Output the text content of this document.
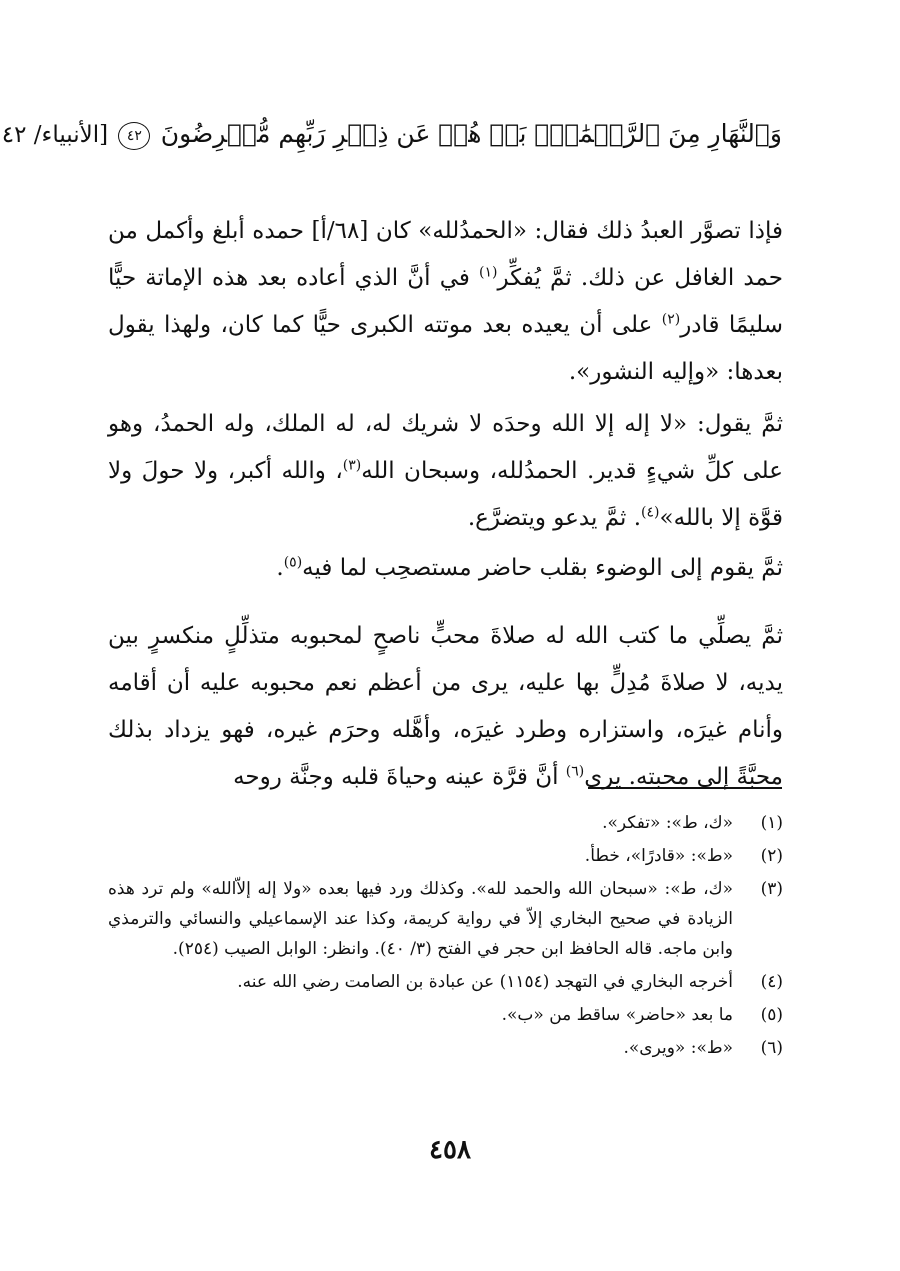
وَٱلنَّهَارِ مِنَ ٱلرَّحۡمَٰنِۗ بَلۡ هُمۡ عَن ذِكۡرِ رَبِّهِم مُّعۡرِضُونَ ٤٢ [الأنبياء/ ٤٢

فإذا تصوَّر العبدُ ذلك فقال: «الحمدُلله» كان [٦٨/أ] حمده أبلغ وأكمل من حمد الغافل عن ذلك. ثمَّ يُفكِّر$^{(١)}$ في أنَّ الذي أعاده بعد هذه الإماتة حيًّا سليمًا قادر$^{(٢)}$ على أن يعيده بعد موتته الكبرى حيًّا كما كان، ولهذا يقول بعدها: «وإليه النشور».

ثمَّ يقول: «لا إله إلا الله وحدَه لا شريك له، له الملك، وله الحمدُ، وهو على كلِّ شيءٍ قدير. الحمدُلله، وسبحان الله$^{(٣)}$، والله أكبر، ولا حولَ ولا قوَّة إلا بالله»$^{(٤)}$. ثمَّ يدعو ويتضرَّع.

ثمَّ يقوم إلى الوضوء بقلب حاضر مستصحِب لما فيه$^{(٥)}$.

ثمَّ يصلِّي ما كتب الله له صلاةَ محبٍّ ناصحٍ لمحبوبه متذلِّلٍ منكسرٍ بين يديه، لا صلاةَ مُدِلٍّ بها عليه، يرى من أعظم نعم محبوبه عليه أن أقامه وأنام غيرَه، واستزاره وطرد غيرَه، وأهَّله وحرَم غيره، فهو يزداد بذلك محبَّةً إلى محبته. يرى$^{(٦)}$ أنَّ قرَّة عينه وحياةَ قلبه وجنَّة روحه

(١)
«ك، ط»: «تفكر».
(٢)
«ط»: «قادرًا»، خطأ.
(٣)
«ك، ط»: «سبحان الله والحمد لله». وكذلك ورد فيها بعده «ولا إله إلاّالله» ولم ترد هذه الزيادة في صحيح البخاري إلاّ في رواية كريمة، وكذا عند الإسماعيلي والنسائي والترمذي وابن ماجه. قاله الحافظ ابن حجر في الفتح (٣/ ٤٠). وانظر: الوابل الصيب (٢٥٤).
(٤)
أخرجه البخاري في التهجد (١١٥٤) عن عبادة بن الصامت رضي الله عنه.
(٥)
ما بعد «حاضر» ساقط من «ب».
(٦)
«ط»: «ويرى».
٤٥٨
